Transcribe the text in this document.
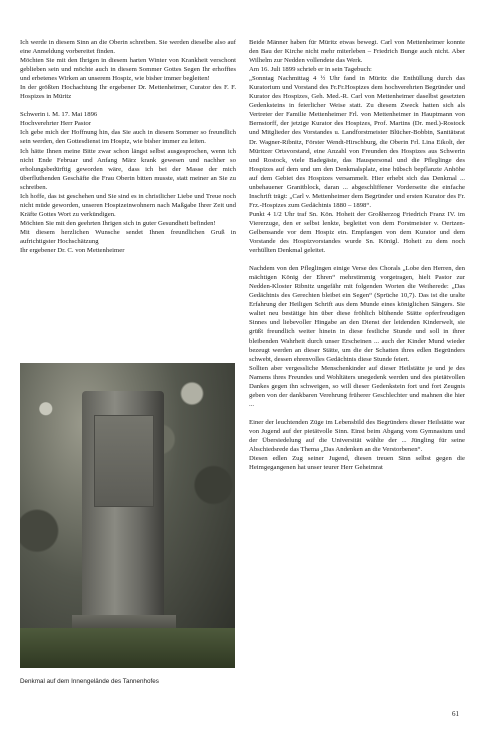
Ich werde in diesem Sinn an die Oberin schreiben. Sie werden dieselbe also auf eine Anmeldung vorbereitet finden.

Möchten Sie mit den Ihrigen in diesem harten Winter von Krankheit verschont geblieben sein und möchte auch in diesem Sommer Gottes Segen Ihr erhofftes und erbetenes Wirken an unserem Hospiz, wie bisher immer begleiten!

In der größten Hochachtung Ihr ergebener Dr. Mettenheimer, Curator des F. F. Hospizes in Müritz

Schwerin i. M. 17. Mai 1896

Hochverehrter Herr Pastor

Ich gebe mich der Hoffnung hin, das Sie auch in diesem Sommer so freundlich sein werden, den Gottesdienst im Hospiz, wie bisher immer zu leiten.

Ich hätte Ihnen meine Bitte zwar schon längst selbst ausgesprochen, wenn ich nicht Ende Februar und Anfang März krank gewesen und nachher so erholungsbedürftig geworden wäre, dass ich bei der Masse der mich überfluthenden Geschäfte die Frau Oberin bitten musste, statt meiner an Sie zu schreiben.

Ich hoffe, das ist geschehen und Sie sind es in christlicher Liebe und Treue noch nicht müde geworden, unseren Hospizeinwohnern nach Maßgabe Ihrer Zeit und Kräfte Gottes Wort zu verkündigen.

Möchten Sie mit den geehrten Ihrigen sich in guter Gesundheit befinden!

Mit diesem herzlichen Wunsche sendet Ihnen freundlichen Gruß in aufrichtigster Hochschätzung

Ihr ergebener Dr. C. von Mettenheimer

Denkmal auf dem Innengelände des Tannenhofes

Beide Männer haben für Müritz etwas bewegt. Carl von Mettenheimer konnte den Bau der Kirche nicht mehr miterleben – Friedrich Bunge auch nicht. Aber Wilhelm zur Nedden vollendete das Werk.

Am 16. Juli 1899 schrieb er in sein Tagebuch:

„Sonntag Nachmittag 4 ½ Uhr fand in Müritz die Enthüllung durch das Kuratorium und Vorstand des Fr.Fr.Hospizes dem hochverehrten Begründer und Kurator des Hospizes, Geh. Med.-R. Carl von Mettenheimer daselbst gesetzten Gedenksteins in feierlicher Weise statt. Zu diesem Zweck hatten sich als Vertreter der Familie Mettenheimer Frl. von Mettenheimer in Hauptmann von Bernstorff, der jetzige Kurator des Hospizes, Prof. Martins (Dr. med.)-Rostock und Mitglieder des Vorstandes u. Landforstmeister Blücher-Bobbin, Sanitätsrat Dr. Wagner-Ribnitz, Förster Wendt-Hirschburg, die Oberin Frl. Lina Eikolt, der Müritzer Ortsvorstand, eine Anzahl von Freunden des Hospizes aus Schwerin und Rostock, viele Badegäste, das Hauspersonal und die Pfleglinge des Hospizes auf dem und um den Denkmalsplatz, eine hübsch bepflanzte Anhöhe auf dem Gebiet des Hospizes versammelt. Hier erhebt sich das Denkmal ... unbehauener Granitblock, daran ... abgeschliffener Vorderseite die einfache Inschrift trägt: „Carl v. Mettenheimer dem Begründer und ersten Kurator des Fr. Frz.-Hospizes zum Gedächtnis 1880 – 1898“.

Punkt 4 1/2 Uhr traf Sn. Kön. Hoheit der Großherzog Friedrich Franz IV. im Viererzuge, den er selbst lenkte, begleitet von dem Forstmeister v. Oertzen-Gelbensande vor dem Hospiz ein. Empfangen von dem Kurator und dem Vorstande des Hospizvorstandes wurde Sn. Königl. Hoheit zu dem noch verhüllten Denkmal geleitet.

Nachdem von den Pfleglingen einige Verse des Chorals „Lobe den Herren, den mächtigen König der Ehren“ mehrstimmig vorgetragen, hielt Pastor zur Nedden-Kloster Ribnitz ungefähr mit folgenden Worten die Weiherede: „Das Gedächtnis des Gerechten bleibet ein Segen“ (Sprüche 10,7). Das ist die uralte Erfahrung der Heiligen Schrift aus dem Munde eines königlichen Sängers. Sie waltet neu bestätige hin über diese fröhlich blühende Stätte opferfreudigen Sinnes und liebevoller Hingabe an den Dienst der leidenden Kinderwelt, sie grüßt freundlich weiter hinein in diese festliche Stunde und soll in ihrer bleibenden Wahrheit durch unser Erscheinen ... auch der Kinder Mund wieder bezeugt werden an dieser Stätte, um die der Schatten ihres edlen Begründers schwebt, dessen ehrenvolles Gedächtnis diese Stunde feiert.

Sollten aber vergessliche Menschenkinder auf dieser Heilstätte je und je des Namens ihres Freundes und Wohltäters unegedenk werden und des pietätvollen Dankes gegen ihn schweigen, so will dieser Gedenkstein fort und fort Zeugnis geben von der dankbaren Verehrung früherer Geschlechter und mahnen die hier ...

Einer der leuchtenden Züge im Lebensbild des Begründers dieser Heilstätte war von Jugend auf der pietätvolle Sinn. Einst beim Abgang vom Gymnasium und der Übersiedelung auf die Universität wählte der ... Jüngling für seine Abschiedsrede das Thema „Das Andenken an die Verstorbenen“.

Diesen edlen Zug seiner Jugend, diesen treuen Sinn selbst gegen die Heimgegangenen hat unser teurer Herr Geheimrat

61
